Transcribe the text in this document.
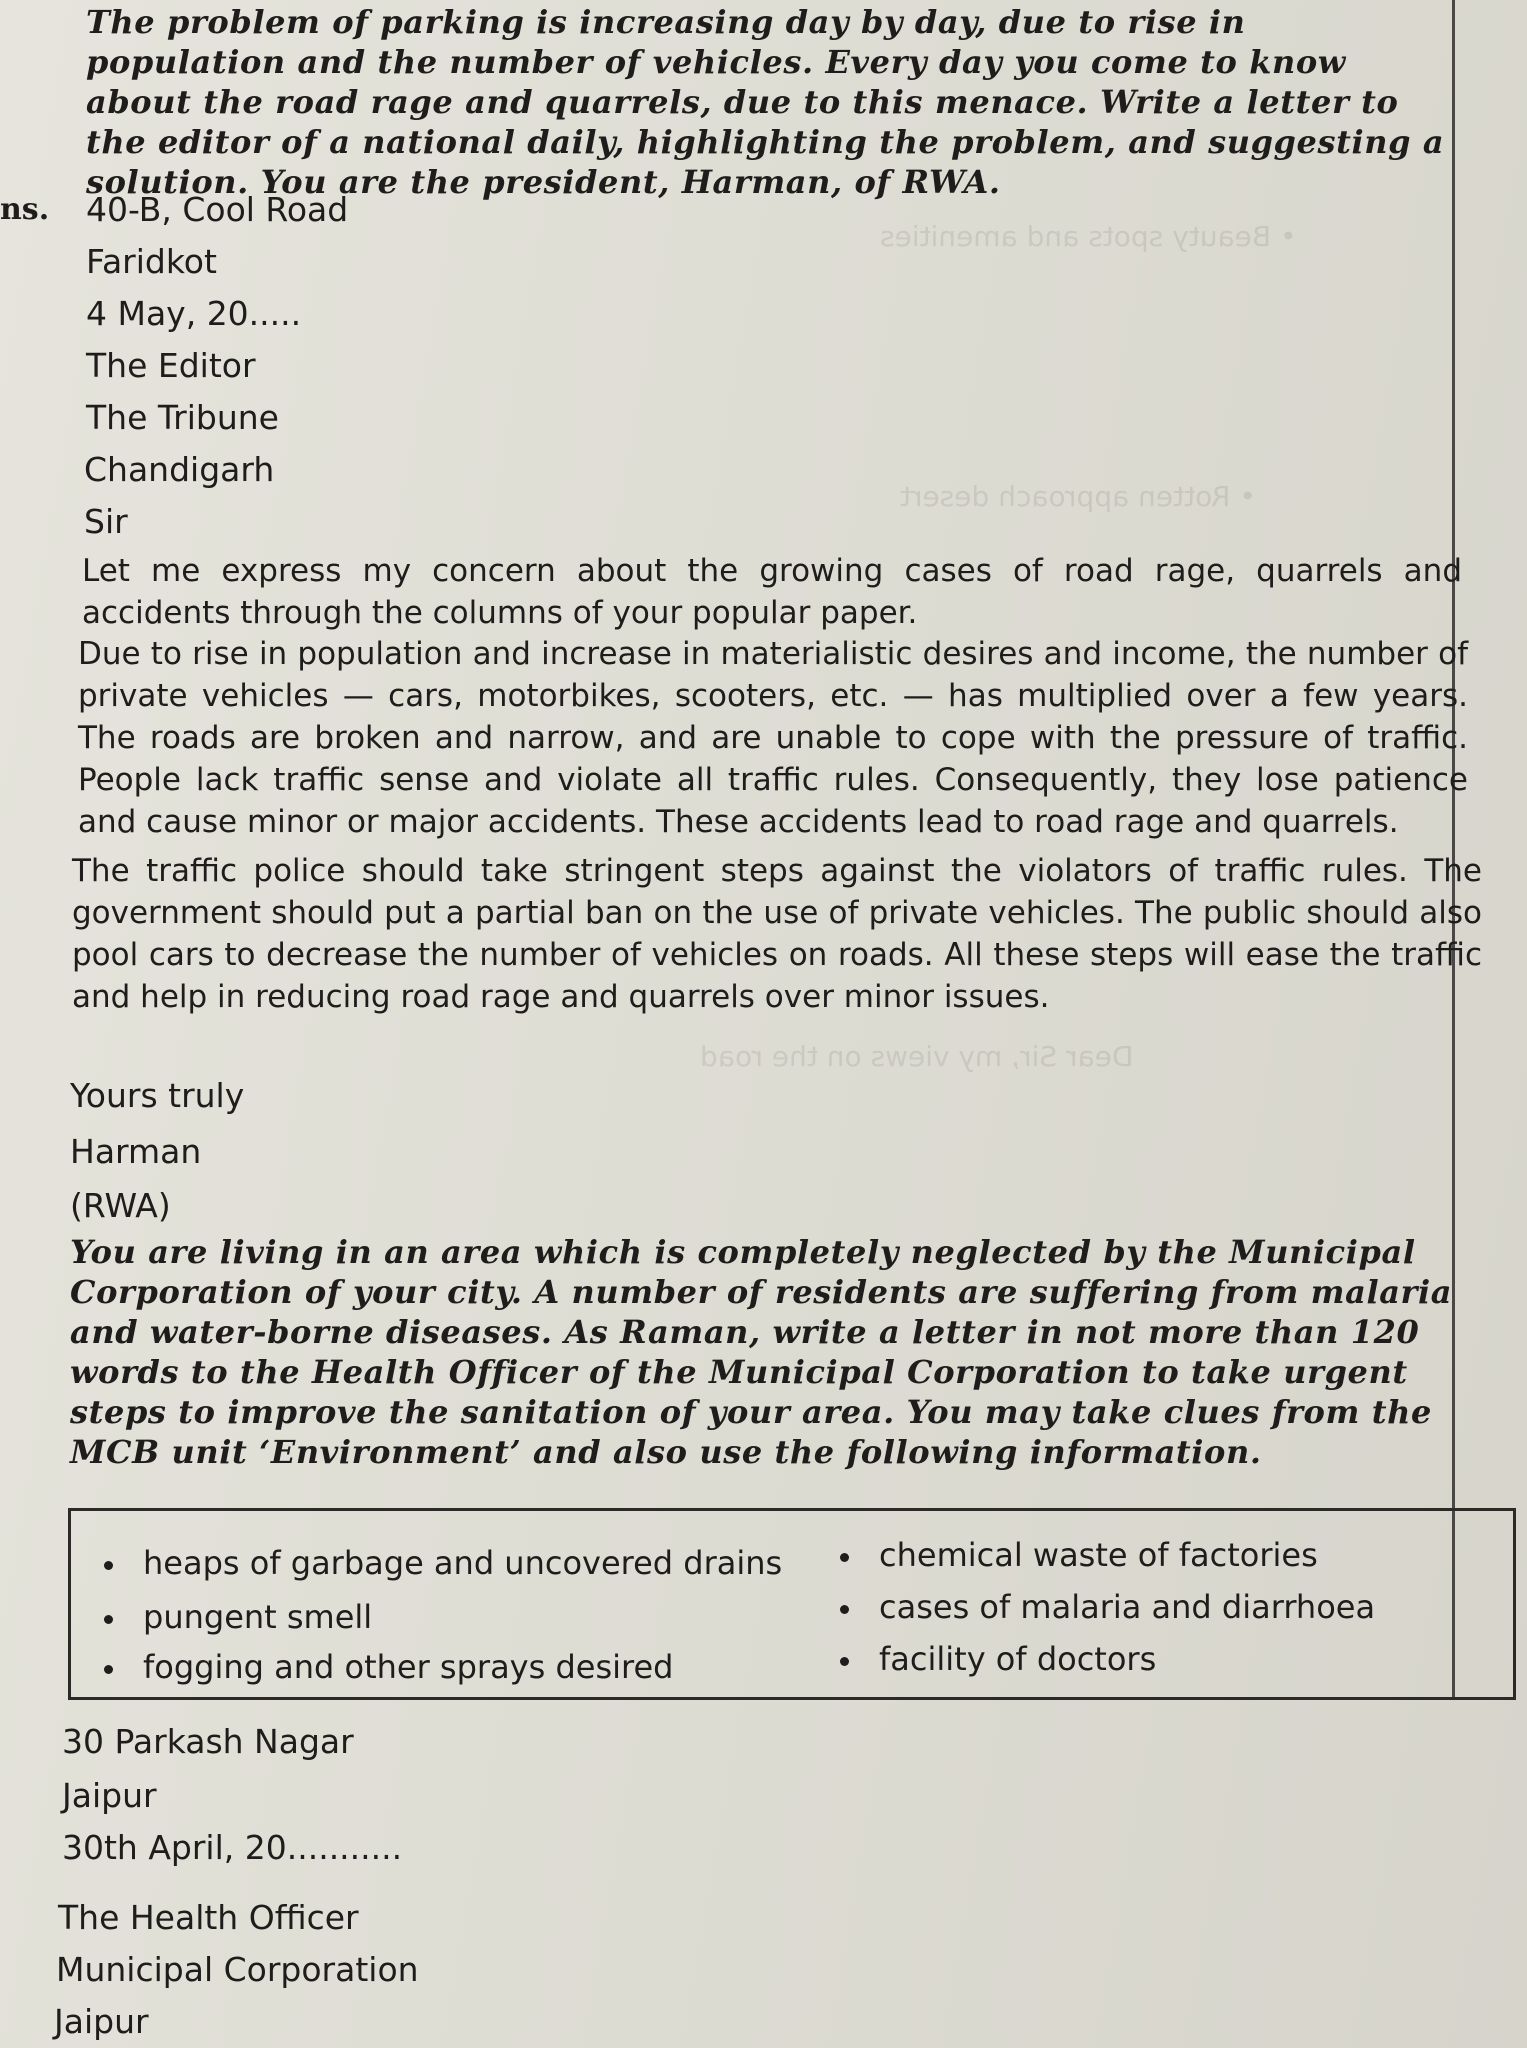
• Beauty spots and amenities
• Rotten approach desert
Dear Sir, my views on the road
The problem of parking is increasing day by day, due to rise in population and the number of vehicles. Every day you come to know about the road rage and quarrels, due to this menace. Write a letter to the editor of a national daily, highlighting the problem, and suggesting a solution. You are the president, Harman, of RWA.
ns. 40-B, Cool Road
Faridkot
4 May, 20.....
The Editor
The Tribune
Chandigarh
Sir
Let me express my concern about the growing cases of road rage, quarrels and accidents through the columns of your popular paper.
Due to rise in population and increase in materialistic desires and income, the number of private vehicles — cars, motorbikes, scooters, etc. — has multiplied over a few years. The roads are broken and narrow, and are unable to cope with the pressure of traffic. People lack traffic sense and violate all traffic rules. Consequently, they lose patience and cause minor or major accidents. These accidents lead to road rage and quarrels.
The traffic police should take stringent steps against the violators of traffic rules. The government should put a partial ban on the use of private vehicles. The public should also pool cars to decrease the number of vehicles on roads. All these steps will ease the traffic and help in reducing road rage and quarrels over minor issues.
Yours truly
Harman
(RWA)
You are living in an area which is completely neglected by the Municipal Corporation of your city. A number of residents are suffering from malaria and water-borne diseases. As Raman, write a letter in not more than 120 words to the Health Officer of the Municipal Corporation to take urgent steps to improve the sanitation of your area. You may take clues from the MCB unit ‘Environment’ and also use the following information.
heaps of garbage and uncovered drains
pungent smell
fogging and other sprays desired
chemical waste of factories
cases of malaria and diarrhoea
facility of doctors
30 Parkash Nagar
Jaipur
30th April, 20...........
The Health Officer
Municipal Corporation
Jaipur
